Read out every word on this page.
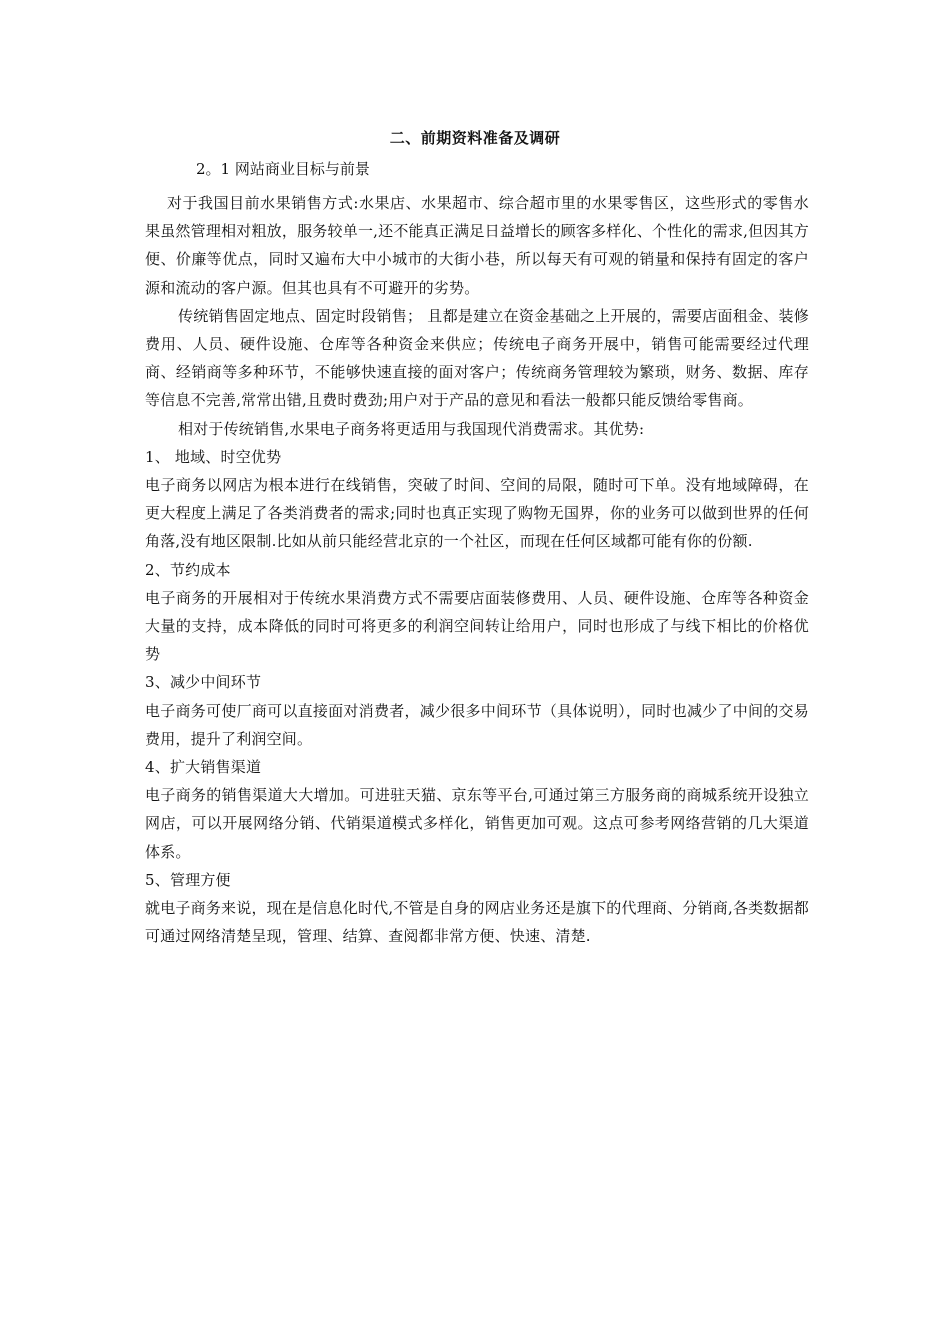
二、前期资料准备及调研
2。1 网站商业目标与前景

对于我国目前水果销售方式:水果店、水果超市、综合超市里的水果零售区，这些形式的零售水果虽然管理相对粗放，服务较单一,还不能真正满足日益增长的顾客多样化、个性化的需求,但因其方便、价廉等优点，同时又遍布大中小城市的大街小巷，所以每天有可观的销量和保持有固定的客户源和流动的客户源。但其也具有不可避开的劣势。

传统销售固定地点、固定时段销售； 且都是建立在资金基础之上开展的，需要店面租金、装修费用、人员、硬件设施、仓库等各种资金来供应；传统电子商务开展中，销售可能需要经过代理商、经销商等多种环节，不能够快速直接的面对客户；传统商务管理较为繁琐，财务、数据、库存等信息不完善,常常出错,且费时费劲;用户对于产品的意见和看法一般都只能反馈给零售商。

相对于传统销售,水果电子商务将更适用与我国现代消费需求。其优势:

1、 地域、时空优势

电子商务以网店为根本进行在线销售，突破了时间、空间的局限，随时可下单。没有地域障碍，在更大程度上满足了各类消费者的需求;同时也真正实现了购物无国界，你的业务可以做到世界的任何角落,没有地区限制.比如从前只能经营北京的一个社区，而现在任何区域都可能有你的份额.

2、节约成本

电子商务的开展相对于传统水果消费方式不需要店面装修费用、人员、硬件设施、仓库等各种资金大量的支持，成本降低的同时可将更多的利润空间转让给用户，同时也形成了与线下相比的价格优势

3、减少中间环节

电子商务可使厂商可以直接面对消费者，减少很多中间环节（具体说明），同时也减少了中间的交易费用，提升了利润空间。

4、扩大销售渠道

电子商务的销售渠道大大增加。可进驻天猫、京东等平台,可通过第三方服务商的商城系统开设独立网店，可以开展网络分销、代销渠道模式多样化，销售更加可观。这点可参考网络营销的几大渠道体系。

5、管理方便

就电子商务来说，现在是信息化时代,不管是自身的网店业务还是旗下的代理商、分销商,各类数据都可通过网络清楚呈现，管理、结算、查阅都非常方便、快速、清楚.
